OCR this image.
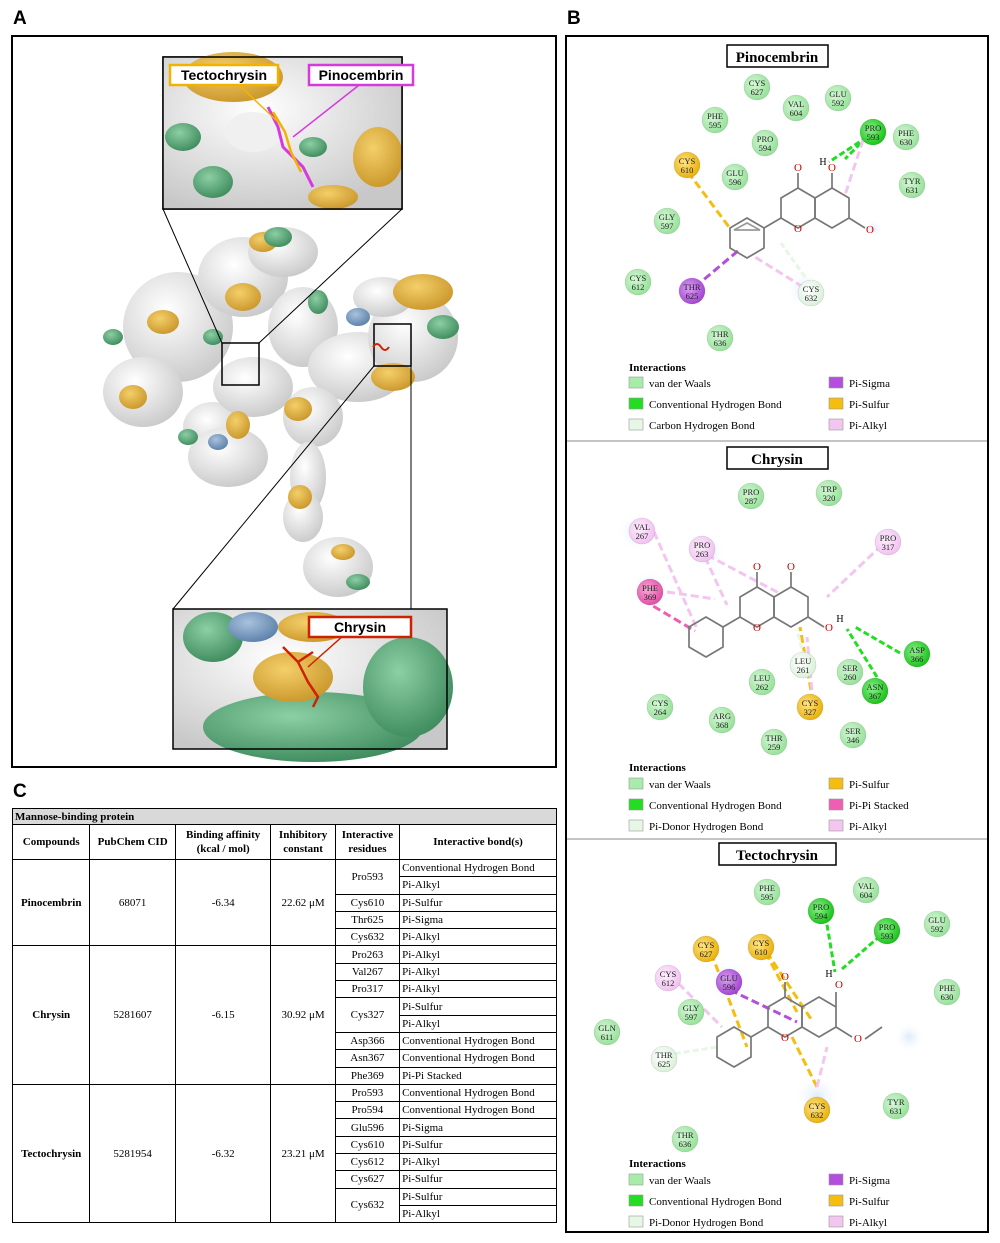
A	B
C
Tectochrysin	Pinocembrin
Chrysin
Pinocembrin
O O
H
O	O
CYS
627	GLU
592
VAL
604
PHE
595	PRO
593 PHE
630
PRO
594
CYS
610	GLU
596	TYR
631
GLY
597
CYS
612	THR
625
CYS
632
THR
636
Interactions
van der Waals	Pi-Sigma
Conventional Hydrogen Bond	Pi-Sulfur
Carbon Hydrogen Bond	Pi-Alkyl
Chrysin
O O
O	O
H
PRO
287
TRP
320
VAL
267
PRO
263
PRO
317
PHE
369
ASP
366
LEU
261
LEU
262
SER
260
ASN
367
CYS
264	ARG
368
CYS
327
THR
259
SER
346
Interactions
van der Waals	Pi-Sulfur
Conventional Hydrogen Bond	Pi-Pi Stacked
Pi-Donor Hydrogen Bond	Pi-Alkyl
Tectochrysin
O
O
H
O	O
PHE
595
VAL
604
PRO
594
PRO
593
GLU
592
CYS
627
CYS
610
GLU
596	PHE
630
CYS
612
GLY
597
GLN
611
THR
625
CYS
632
TYR
631
THR
636
Interactions
van der Waals	Pi-Sigma
Conventional Hydrogen Bond	Pi-Sulfur
Pi-Donor Hydrogen Bond	Pi-Alkyl
Mannose-binding protein					
Compounds	PubChem CID	Binding affinity (kcal / mol)	Inhibitory constant	Interactive residues	Interactive bond(s)
Pinocembrin	68071	-6.34	22.62 μM	Pro593	Conventional Hydrogen Bond
					Pi-Alkyl
				Cys610	Pi-Sulfur
				Thr625	Pi-Sigma
				Cys632	Pi-Alkyl
Chrysin	5281607	-6.15	30.92 μM	Pro263	Pi-Alkyl
				Val267	Pi-Alkyl
				Pro317	Pi-Alkyl
				Cys327	Pi-Sulfur
					Pi-Alkyl
				Asp366	Conventional Hydrogen Bond
				Asn367	Conventional Hydrogen Bond
				Phe369	Pi-Pi Stacked
Tectochrysin	5281954	-6.32	23.21 μM	Pro593	Conventional Hydrogen Bond
				Pro594	Conventional Hydrogen Bond
				Glu596	Pi-Sigma
				Cys610	Pi-Sulfur
				Cys612	Pi-Alkyl
				Cys627	Pi-Sulfur
				Cys632	Pi-Sulfur
					Pi-Alkyl
